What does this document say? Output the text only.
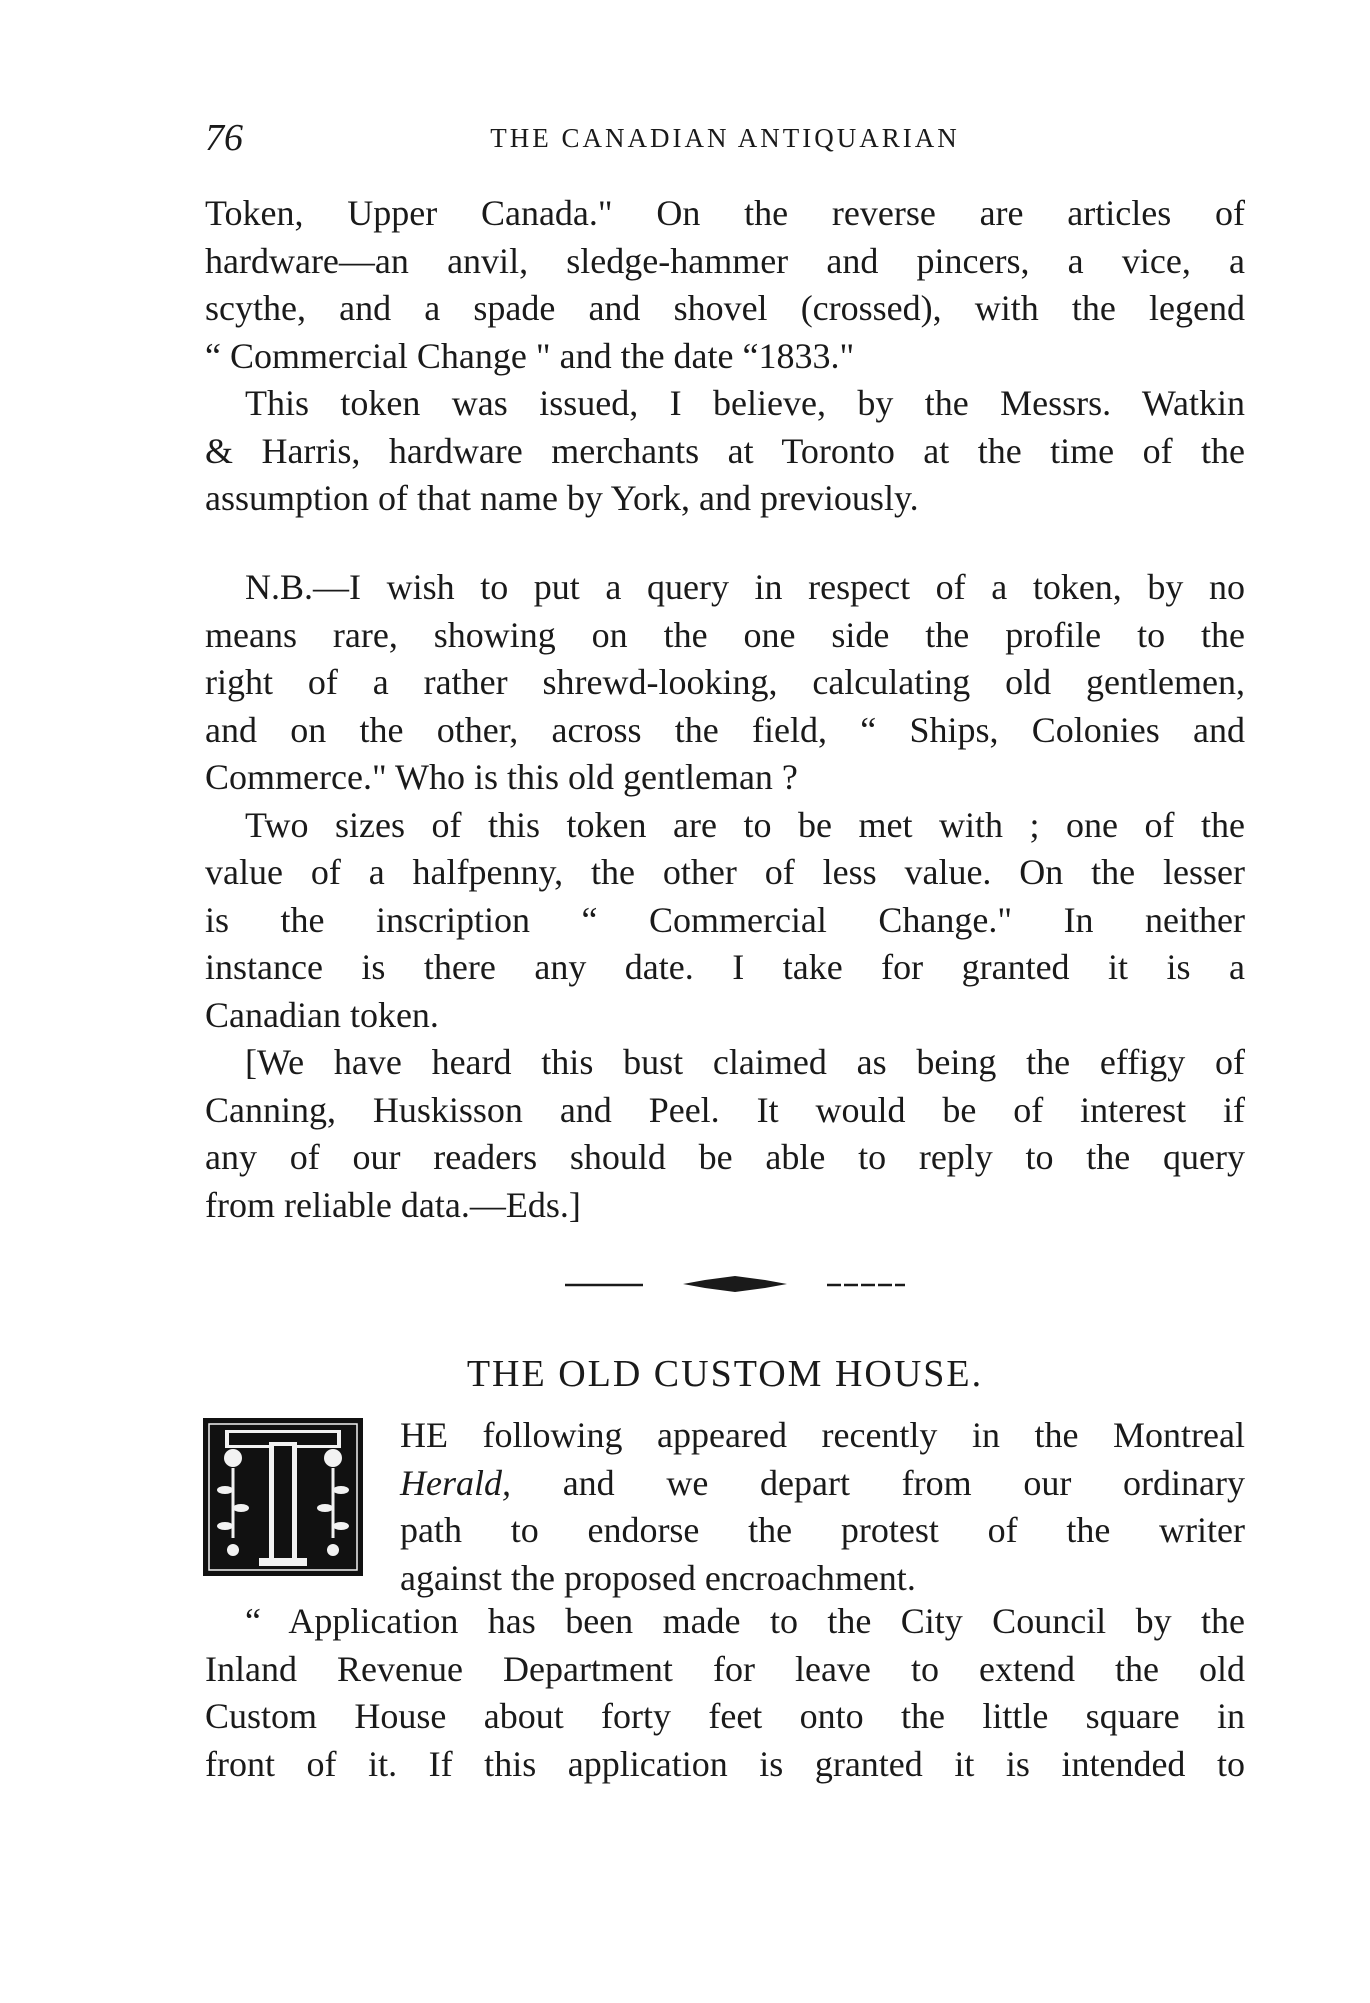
76	THE CANADIAN ANTIQUARIAN

Token, Upper Canada." On the reverse are articles of
hardware—an anvil, sledge-hammer and pincers, a vice, a
scythe, and a spade and shovel (crossed), with the legend
“ Commercial Change " and the date “1833."

This token was issued, I believe, by the Messrs. Watkin
& Harris, hardware merchants at Toronto at the time of the
assumption of that name by York, and previously.

N.B.—I wish to put a query in respect of a token, by no
means rare, showing on the one side the profile to the
right of a rather shrewd-looking, calculating old gentlemen,
and on the other, across the field, “ Ships, Colonies and
Commerce." Who is this old gentleman ?

Two sizes of this token are to be met with ; one of the
value of a halfpenny, the other of less value. On the lesser
is the inscription “ Commercial Change." In neither
instance is there any date. I take for granted it is a
Canadian token.

[We have heard this bust claimed as being the effigy of
Canning, Huskisson and Peel. It would be of interest if
any of our readers should be able to reply to the query
from reliable data.—Eds.]

THE OLD CUSTOM HOUSE.

HE following appeared recently in the Montreal
Herald, and we depart from our ordinary
path to endorse the protest of the writer
against the proposed encroachment.

“ Application has been made to the City Council by the
Inland Revenue Department for leave to extend the old
Custom House about forty feet onto the little square in
front of it. If this application is granted it is intended to
